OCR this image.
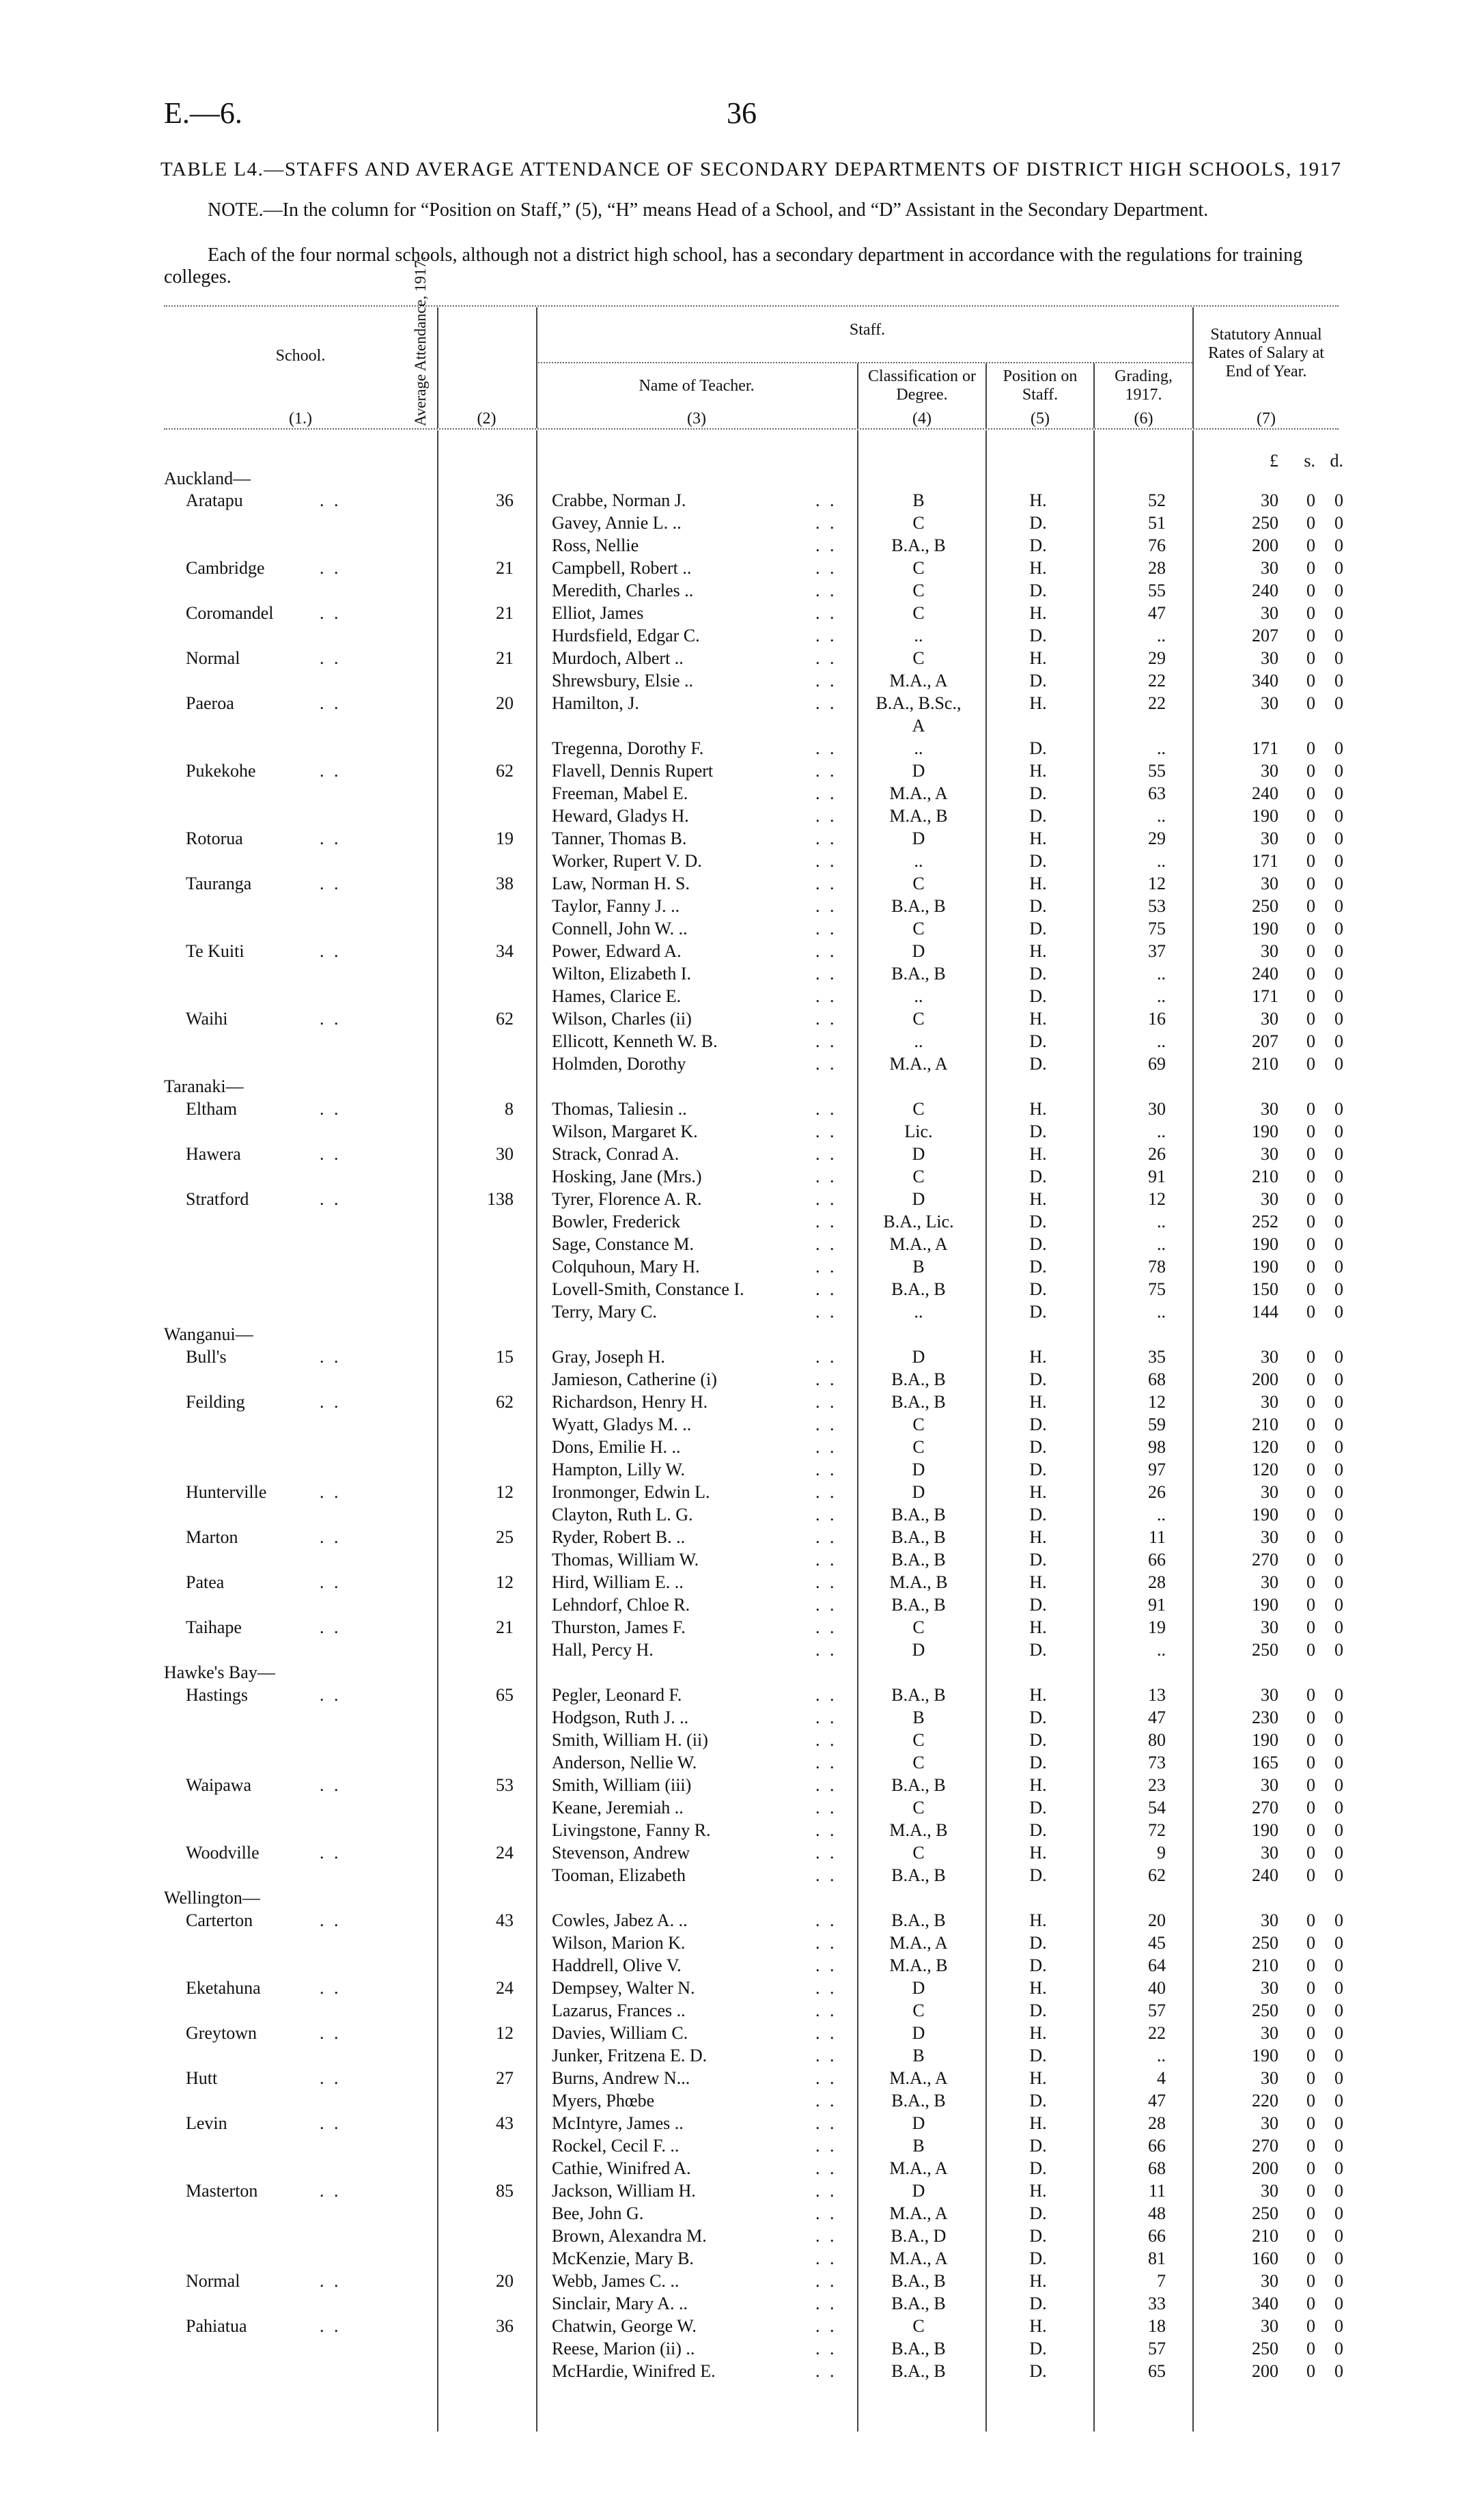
E.—6.	36
TABLE L4.—STAFFS AND AVERAGE ATTENDANCE OF SECONDARY DEPARTMENTS OF DISTRICT HIGH SCHOOLS, 1917
NOTE.—In the column for “Position on Staff,” (5), “H” means Head of a School, and “D” Assistant in the Secondary Department.
Each of the four normal schools, although not a district high school, has a secondary department in accordance with the regulations for training colleges.
School.	Average Attendance, 1917.	Staff.
Name of Teacher.
Classification or Degree.
Position on Staff.
Grading, 1917.
Statutory Annual Rates of Salary at End of Year.
(1.)	(2)	(3)	(4)	(5)	(6)	(7)
£	s. d.
Auckland—
Aratapu	. .	36 Crabbe, Norman J.	. .	B	H.	52	30	0	0
Gavey, Annie L. ..	. .	C	D.	51	250	0	0
Ross, Nellie	. .	B.A., B	D.	76	200	0	0
Cambridge	. .	21 Campbell, Robert ..	. .	C	H.	28	30	0	0
Meredith, Charles ..	. .	C	D.	55	240	0	0
Coromandel	. .	21 Elliot, James	. .	C	H.	47	30	0	0
Hurdsfield, Edgar C.	. .	..	D.	..	207	0	0
Normal	. .	21 Murdoch, Albert ..	. .	C	H.	29	30	0	0
Shrewsbury, Elsie ..	. .	M.A., A	D.	22	340	0	0
Paeroa	. .	20 Hamilton, J.	. .	B.A., B.Sc.,	H.	22	30	0	0
A
Tregenna, Dorothy F.	. .	..	D.	..	171	0	0
Pukekohe	. .	62 Flavell, Dennis Rupert	. .	D	H.	55	30	0	0
Freeman, Mabel E.	. .	M.A., A	D.	63	240	0	0
Heward, Gladys H.	. .	M.A., B	D.	..	190	0	0
Rotorua	. .	19 Tanner, Thomas B.	. .	D	H.	29	30	0	0
Worker, Rupert V. D.	. .	..	D.	..	171	0	0
Tauranga	. .	38 Law, Norman H. S.	. .	C	H.	12	30	0	0
Taylor, Fanny J. ..	. .	B.A., B	D.	53	250	0	0
Connell, John W. ..	. .	C	D.	75	190	0	0
Te Kuiti	. .	34 Power, Edward A.	. .	D	H.	37	30	0	0
Wilton, Elizabeth I.	. .	B.A., B	D.	..	240	0	0
Hames, Clarice E.	. .	..	D.	..	171	0	0
Waihi	. .	62 Wilson, Charles (ii)	. .	C	H.	16	30	0	0
Ellicott, Kenneth W. B.	. .	..	D.	..	207	0	0
Holmden, Dorothy	. .	M.A., A	D.	69	210	0	0
Taranaki—
Eltham	. .	8 Thomas, Taliesin ..	. .	C	H.	30	30	0	0
Wilson, Margaret K.	. .	Lic.	D.	..	190	0	0
Hawera	. .	30 Strack, Conrad A.	. .	D	H.	26	30	0	0
Hosking, Jane (Mrs.)	. .	C	D.	91	210	0	0
Stratford	. .	138 Tyrer, Florence A. R.	. .	D	H.	12	30	0	0
Bowler, Frederick	. .	B.A., Lic.	D.	..	252	0	0
Sage, Constance M.	. .	M.A., A	D.	..	190	0	0
Colquhoun, Mary H.	. .	B	D.	78	190	0	0
Lovell-Smith, Constance I.	. .	B.A., B	D.	75	150	0	0
Terry, Mary C.	. .	..	D.	..	144	0	0
Wanganui—
Bull's	. .	15 Gray, Joseph H.	. .	D	H.	35	30	0	0
Jamieson, Catherine (i)	. .	B.A., B	D.	68	200	0	0
Feilding	. .	62 Richardson, Henry H.	. .	B.A., B	H.	12	30	0	0
Wyatt, Gladys M. ..	. .	C	D.	59	210	0	0
Dons, Emilie H. ..	. .	C	D.	98	120	0	0
Hampton, Lilly W.	. .	D	D.	97	120	0	0
Hunterville	. .	12 Ironmonger, Edwin L.	. .	D	H.	26	30	0	0
Clayton, Ruth L. G.	. .	B.A., B	D.	..	190	0	0
Marton	. .	25 Ryder, Robert B. ..	. .	B.A., B	H.	11	30	0	0
Thomas, William W.	. .	B.A., B	D.	66	270	0	0
Patea	. .	12 Hird, William E. ..	. .	M.A., B	H.	28	30	0	0
Lehndorf, Chloe R.	. .	B.A., B	D.	91	190	0	0
Taihape	. .	21 Thurston, James F.	. .	C	H.	19	30	0	0
Hall, Percy H.	. .	D	D.	..	250	0	0
Hawke's Bay—
Hastings	. .	65 Pegler, Leonard F.	. .	B.A., B	H.	13	30	0	0
Hodgson, Ruth J. ..	. .	B	D.	47	230	0	0
Smith, William H. (ii)	. .	C	D.	80	190	0	0
Anderson, Nellie W.	. .	C	D.	73	165	0	0
Waipawa	. .	53 Smith, William (iii)	. .	B.A., B	H.	23	30	0	0
Keane, Jeremiah ..	. .	C	D.	54	270	0	0
Livingstone, Fanny R.	. .	M.A., B	D.	72	190	0	0
Woodville	. .	24 Stevenson, Andrew	. .	C	H.	9	30	0	0
Tooman, Elizabeth	. .	B.A., B	D.	62	240	0	0
Wellington—
Carterton	. .	43 Cowles, Jabez A. ..	. .	B.A., B	H.	20	30	0	0
Wilson, Marion K.	. .	M.A., A	D.	45	250	0	0
Haddrell, Olive V.	. .	M.A., B	D.	64	210	0	0
Eketahuna	. .	24 Dempsey, Walter N.	. .	D	H.	40	30	0	0
Lazarus, Frances ..	. .	C	D.	57	250	0	0
Greytown	. .	12 Davies, William C.	. .	D	H.	22	30	0	0
Junker, Fritzena E. D.	. .	B	D.	..	190	0	0
Hutt	. .	27 Burns, Andrew N...	. .	M.A., A	H.	4	30	0	0
Myers, Phœbe	. .	B.A., B	D.	47	220	0	0
Levin	. .	43 McIntyre, James ..	. .	D	H.	28	30	0	0
Rockel, Cecil F. ..	. .	B	D.	66	270	0	0
Cathie, Winifred A.	. .	M.A., A	D.	68	200	0	0
Masterton	. .	85 Jackson, William H.	. .	D	H.	11	30	0	0
Bee, John G.	. .	M.A., A	D.	48	250	0	0
Brown, Alexandra M.	. .	B.A., D	D.	66	210	0	0
McKenzie, Mary B.	. .	M.A., A	D.	81	160	0	0
Normal	. .	20 Webb, James C. ..	. .	B.A., B	H.	7	30	0	0
Sinclair, Mary A. ..	. .	B.A., B	D.	33	340	0	0
Pahiatua	. .	36 Chatwin, George W.	. .	C	H.	18	30	0	0
Reese, Marion (ii) ..	. .	B.A., B	D.	57	250	0	0
McHardie, Winifred E.	. .	B.A., B	D.	65	200	0	0
